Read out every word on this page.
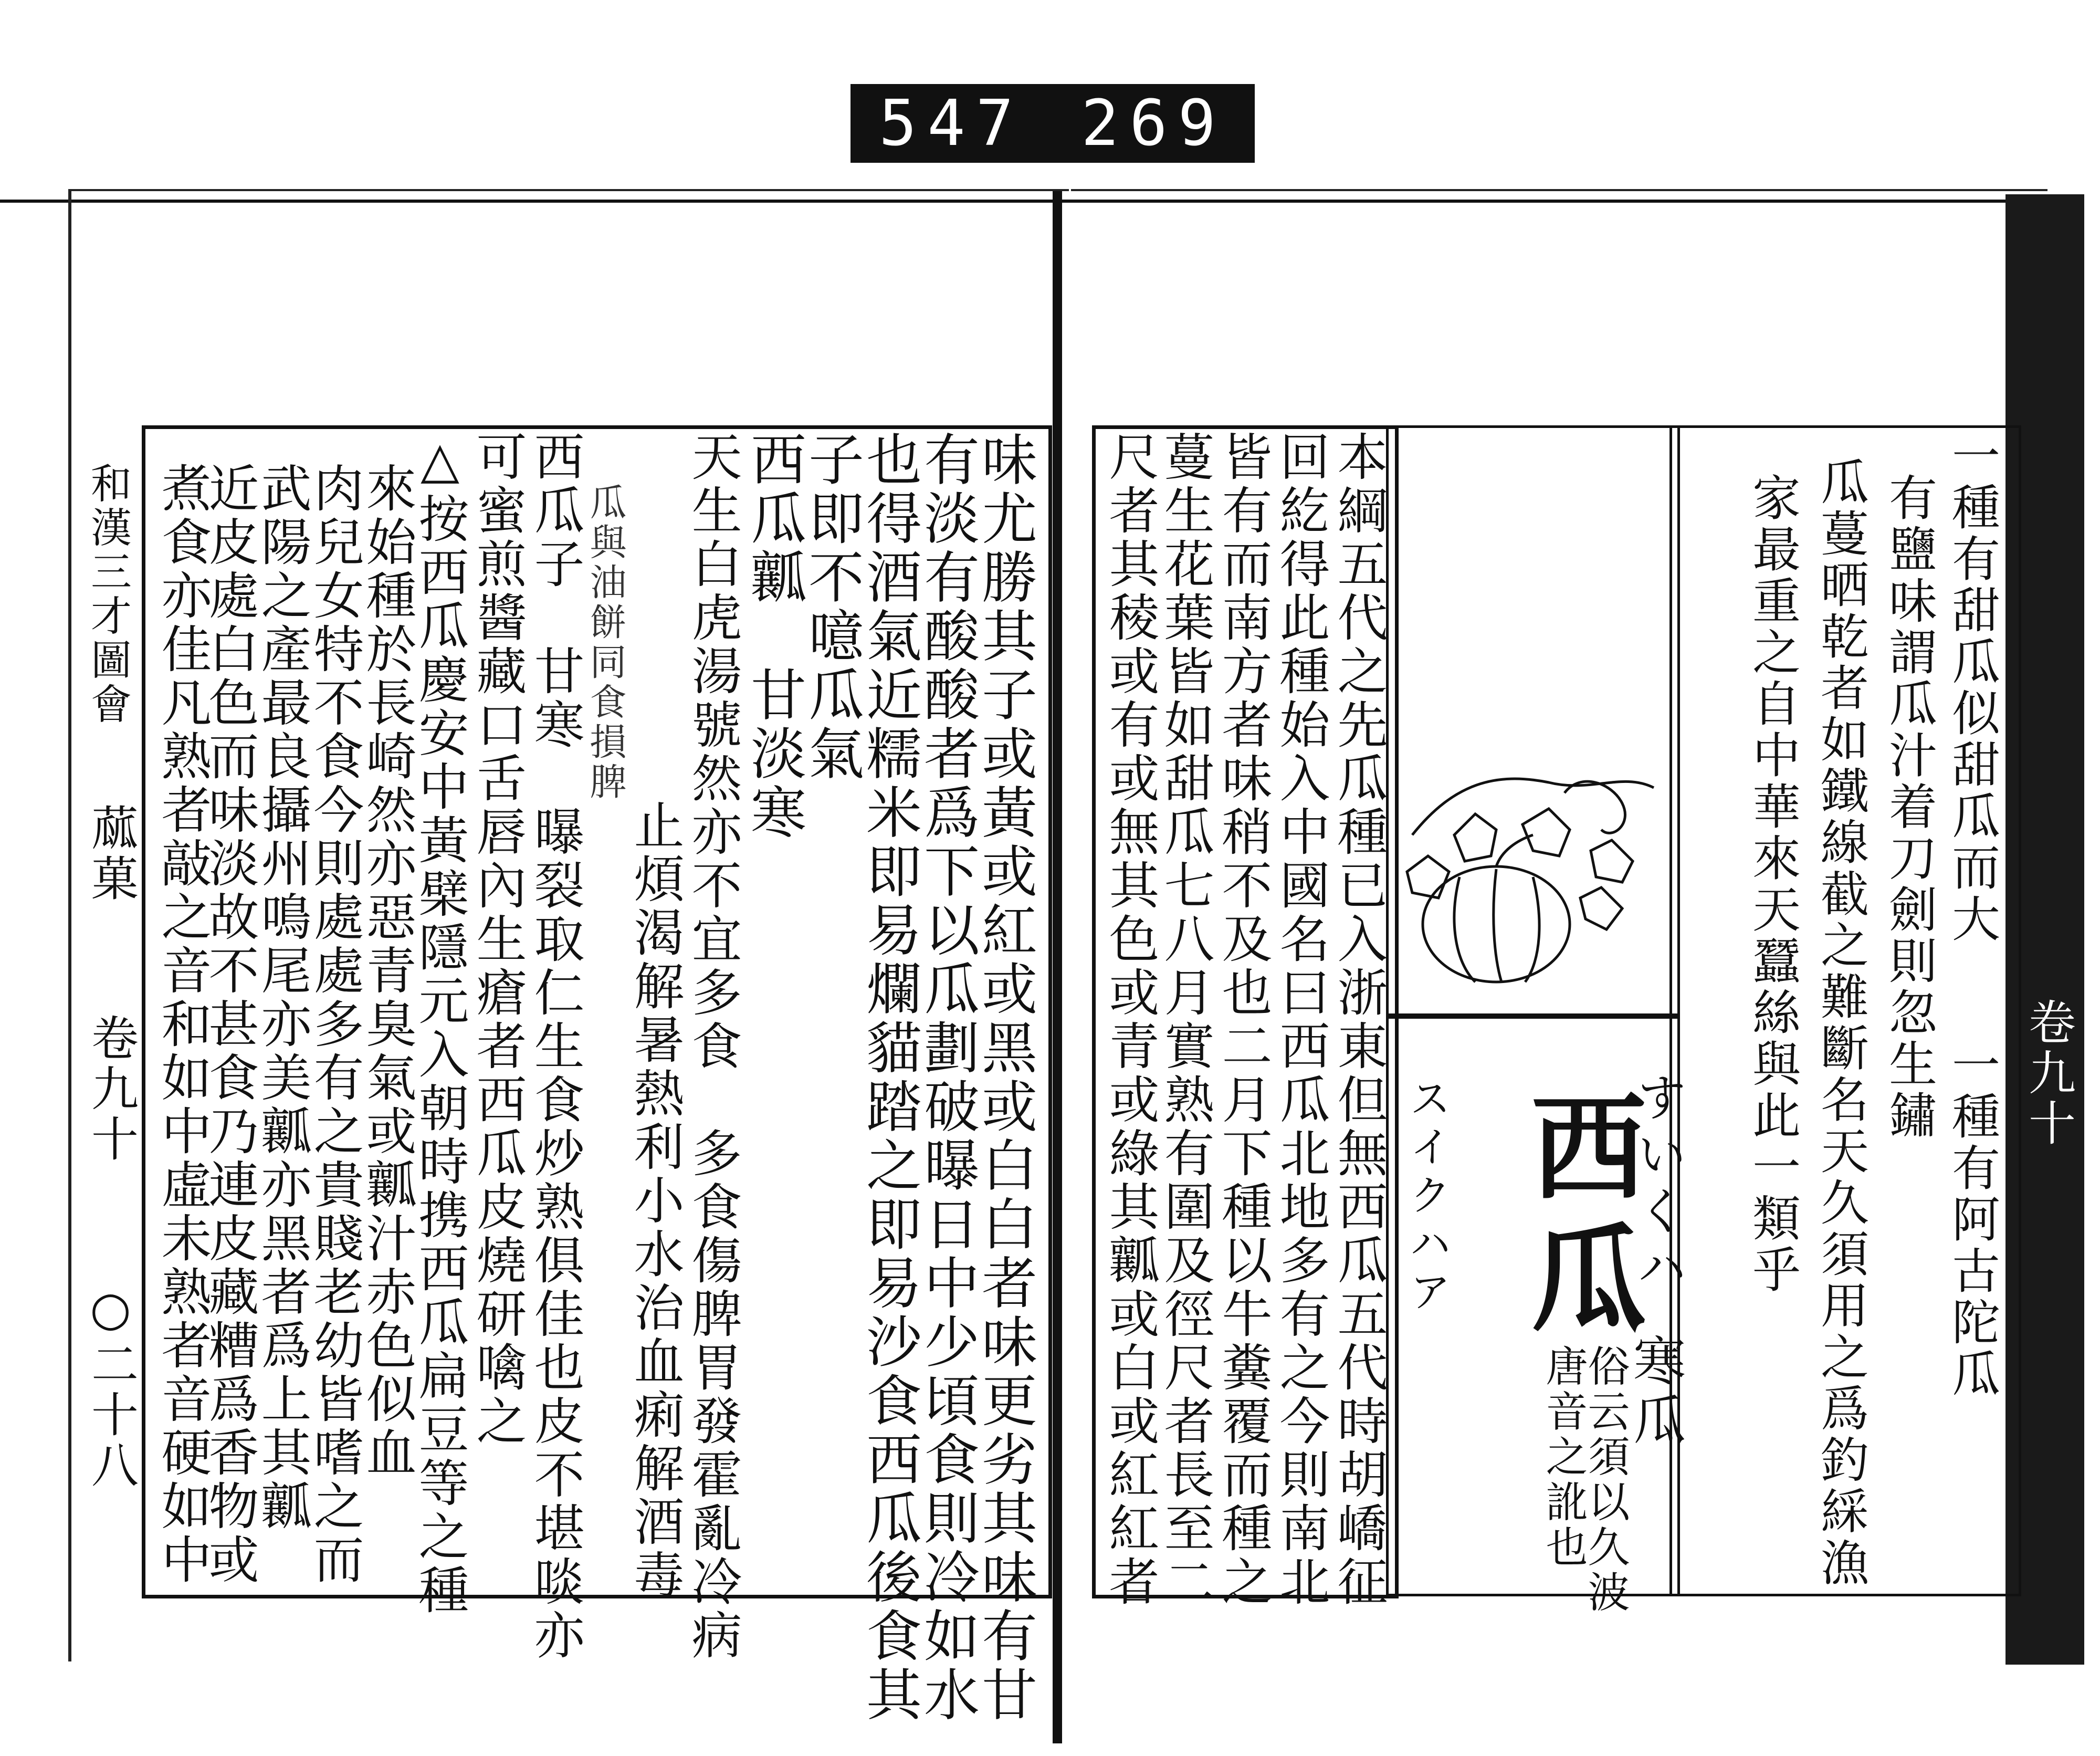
547 269
和漢三才圖會
蓏菓
卷九十
○二十八	味尤勝其子或黃或紅或黑或白白者味更劣其味有甘
有淡有酸酸者爲下以瓜劃破曝日中少頃食則冷如水
也得酒氣近糯米即易爛貓踏之即易沙食西瓜後食其
子即不噫瓜氣
西瓜瓤　甘淡寒
天生白虎湯號然亦不宜多食　多食傷脾胃發霍亂冷病
　止煩渴解暑熱利小水治血痢解酒毒
瓜與油餅同食損脾
西瓜子　甘寒　曝裂取仁生食炒熟俱佳也皮不堪啖亦
可蜜煎醬藏口舌唇內生瘡者西瓜皮燒研噙之
△按西瓜慶安中黃檗隱元入朝時携西瓜扁豆等之種
來始種於長崎然亦惡青臭氣或瓤汁赤色似血
肉兒女特不食今則處處多有之貴賤老幼皆嗜之而
武陽之產最良攝州鳴尾亦美瓤亦黑者爲上其瓤
近皮處白色而味淡故不甚食乃連皮藏糟爲香物或
煮食亦佳凡熟者敲之音和如中虛未熟者音硬如中	一種有甜瓜似甜瓜而大
一種有阿古陀瓜
有鹽味謂瓜汁着刀劍則忽生鏽
瓜蔓晒乾者如鐵線截之難斷名天久須用之爲釣綵漁
家最重之自中華來天蠶絲與此一類乎
西瓜
すいくハ
スイクハア
寒瓜
俗云須以久波
唐音之訛也
本綱五代之先瓜種已入浙東但無西瓜五代時胡嶠征
回紇得此種始入中國名曰西瓜北地多有之今則南北
皆有而南方者味稍不及也二月下種以牛糞覆而種之
蔓生花葉皆如甜瓜七八月實熟有圍及徑尺者長至二
尺者其稜或有或無其色或青或綠其瓤或白或紅紅者	卷九十
